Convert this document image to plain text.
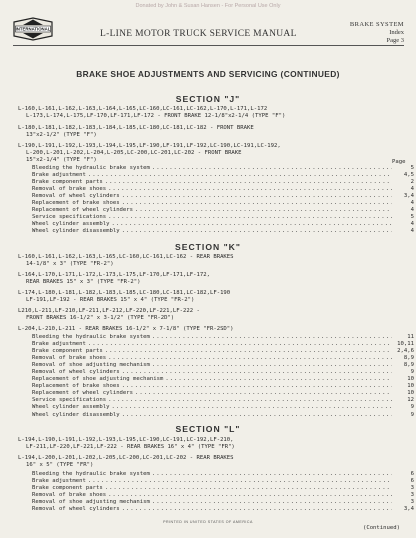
Donated by John & Susan Hansen - For Personal Use Only
INTERNATIONAL	L-LINE MOTOR TRUCK SERVICE MANUAL
BRAKE SYSTEM
Index
Page 3
BRAKE SHOE ADJUSTMENTS AND SERVICING (CONTINUED)
Page
SECTION "J"
L-160,L-161,L-162,L-163,L-164,L-165,LC-160,LC-161,LC-162,L-170,L-171,L-172
L-173,L-174,L-175,LF-170,LF-171,LF-172 - FRONT BRAKE 12-1/8"x2-1/4 (TYPE "F")
L-180,L-181,L-182,L-183,L-184,L-185,LC-180,LC-181,LC-182 - FRONT BRAKE
13"x2-1/2" (TYPE "F")
L-190,L-191,L-192,L-193,L-194,L-195,LF-190,LF-191,LF-192,LC-190,LC-191,LC-192,
L-200,L-201,L-202,L-204,L-205,LC-200,LC-201,LC-202 - FRONT BRAKE
15"x2-1/4" (TYPE "F")
Bleeding the hydraulic brake system . . .	5
Brake adjustment . . .	4,5
Brake component parts . . .	2
Removal of brake shoes . . .	4
Removal of wheel cylinders . . .	3,4
Replacement of brake shoes . . .	4
Replacement of wheel cylinders . . .	4
Service specifications . . .	5
Wheel cylinder assembly . . .	4
Wheel cylinder disassembly . . .	4
SECTION "K"
L-160,L-161,L-162,L-163,L-165,LC-160,LC-161,LC-162 - REAR BRAKES
14-1/8" x 3" (TYPE "FR-2")
L-164,L-170,L-171,L-172,L-173,L-175,LF-170,LF-171,LF-172,
REAR BRAKES 15" x 3" (TYPE "FR-2")
L-174,L-180,L-181,L-182,L-183,L-185,LC-180,LC-181,LC-182,LF-190
LF-191,LF-192 - REAR BRAKES 15" x 4" (TYPE "FR-2")
L210,L-211,LF-210,LF-211,LF-212,LF-220,LF-221,LF-222 -
FRONT BRAKES 16-1/2" x 3-1/2" (TYPE "FR-2D")
L-204,L-210,L-211 - REAR BRAKES 16-1/2" x 7-1/8" (TYPE "FR-2SD")
Bleeding the hydraulic brake system . . .	11
Brake adjustment . . .	10,11
Brake component parts . . .	2,4,6
Removal of brake shoes . . .	8,9
Removal of shoe adjusting mechanism . . .	8,9
Removal of wheel cylinders . . .	9
Replacement of shoe adjusting mechanism . . .	10
Replacement of brake shoes . . .	10
Replacement of wheel cylinders . . .	10
Service specifications . . .	12
Wheel cylinder assembly . . .	9
Wheel cylinder disassembly . . .	9
SECTION "L"
L-194,L-190,L-191,L-192,L-193,L-195,LC-190,LC-191,LC-192,LF-210,
LF-211,LF-220,LF-221,LF-222 - REAR BRAKES 16" x 4" (TYPE "FR")
L-194,L-200,L-201,L-202,L-205,LC-200,LC-201,LC-202 - REAR BRAKES
16" x 5" (TYPE "FR")
Bleeding the hydraulic brake system . . .	6
Brake adjustment . . .	6
Brake component parts . . .	3
Removal of brake shoes . . .	3
Removal of shoe adjusting mechanism . . .	3
Removal of wheel cylinders . . .	3,4
PRINTED IN UNITED STATES OF AMERICA
(Continued)
